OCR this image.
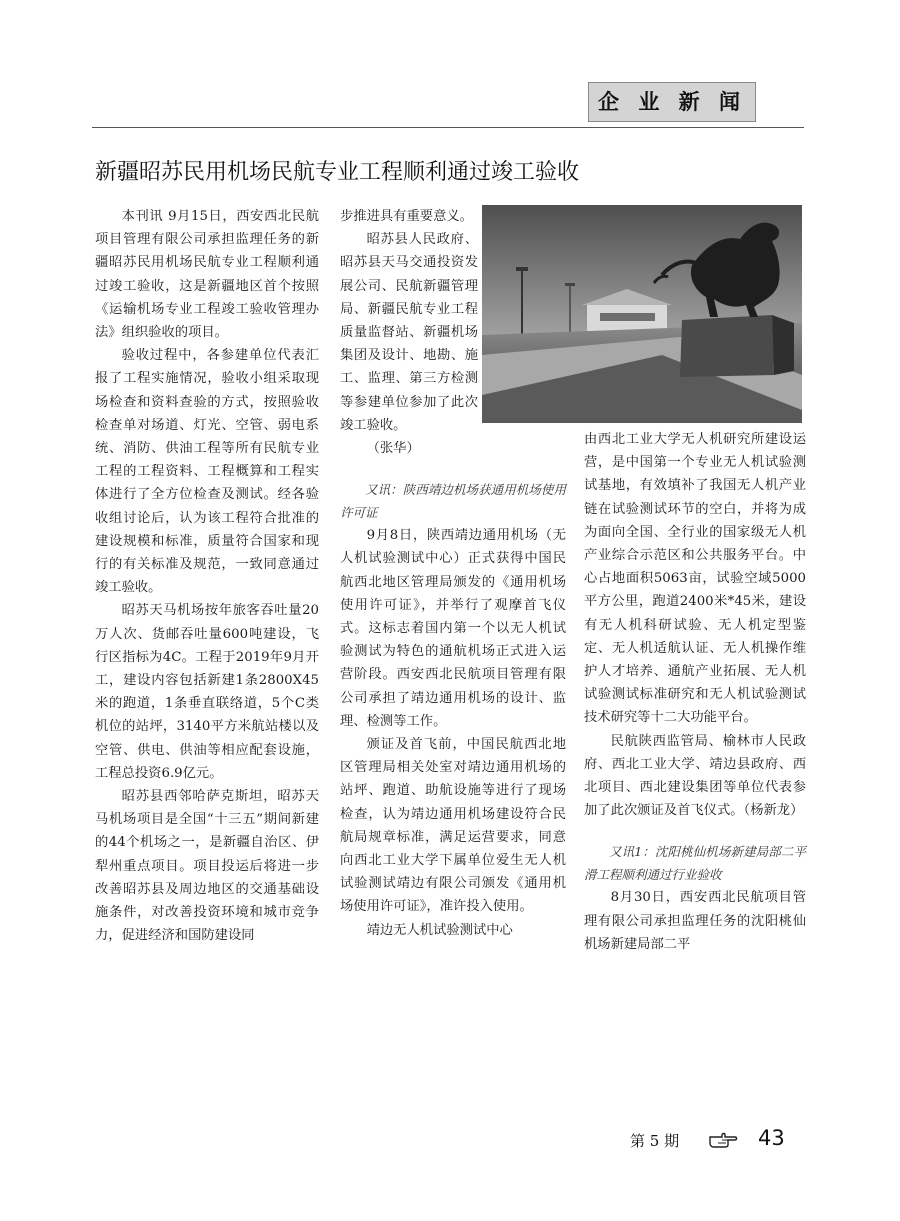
企 业 新 闻
新疆昭苏民用机场民航专业工程顺利通过竣工验收

本刊讯 9月15日，西安西北民航项目管理有限公司承担监理任务的新疆昭苏民用机场民航专业工程顺利通过竣工验收，这是新疆地区首个按照《运输机场专业工程竣工验收管理办法》组织验收的项目。

验收过程中，各参建单位代表汇报了工程实施情况，验收小组采取现场检查和资料查验的方式，按照验收检查单对场道、灯光、空管、弱电系统、消防、供油工程等所有民航专业工程的工程资料、工程概算和工程实体进行了全方位检查及测试。经各验收组讨论后，认为该工程符合批准的建设规模和标准，质量符合国家和现行的有关标准及规范，一致同意通过竣工验收。

昭苏天马机场按年旅客吞吐量20万人次、货邮吞吐量600吨建设，飞行区指标为4C。工程于2019年9月开工，建设内容包括新建1条2800X45米的跑道，1条垂直联络道，5个C类机位的站坪，3140平方米航站楼以及空管、供电、供油等相应配套设施，工程总投资6.9亿元。

昭苏县西邻哈萨克斯坦，昭苏天马机场项目是全国“十三五”期间新建的44个机场之一，是新疆自治区、伊犁州重点项目。项目投运后将进一步改善昭苏县及周边地区的交通基础设施条件，对改善投资环境和城市竞争力，促进经济和国防建设同

步推进具有重要意义。

昭苏县人民政府、昭苏县天马交通投资发展公司、民航新疆管理局、新疆民航专业工程质量监督站、新疆机场集团及设计、地勘、施工、监理、第三方检测等参建单位参加了此次竣工验收。

（张华）

又讯：陕西靖边机场获通用机场使用许可证

9月8日，陕西靖边通用机场（无人机试验测试中心）正式获得中国民航西北地区管理局颁发的《通用机场使用许可证》，并举行了观摩首飞仪式。这标志着国内第一个以无人机试验测试为特色的通航机场正式进入运营阶段。西安西北民航项目管理有限公司承担了靖边通用机场的设计、监理、检测等工作。

颁证及首飞前，中国民航西北地区管理局相关处室对靖边通用机场的站坪、跑道、助航设施等进行了现场检查，认为靖边通用机场建设符合民航局规章标准，满足运营要求，同意向西北工业大学下属单位爱生无人机试验测试靖边有限公司颁发《通用机场使用许可证》，准许投入使用。

靖边无人机试验测试中心

由西北工业大学无人机研究所建设运营，是中国第一个专业无人机试验测试基地，有效填补了我国无人机产业链在试验测试环节的空白，并将为成为面向全国、全行业的国家级无人机产业综合示范区和公共服务平台。中心占地面积5063亩，试验空域5000平方公里，跑道2400米*45米，建设有无人机科研试验、无人机定型鉴定、无人机适航认证、无人机操作维护人才培养、通航产业拓展、无人机试验测试标准研究和无人机试验测试技术研究等十二大功能平台。

民航陕西监管局、榆林市人民政府、西北工业大学、靖边县政府、西北项目、西北建设集团等单位代表参加了此次颁证及首飞仪式。（杨新龙）

又讯1：沈阳桃仙机场新建局部二平滑工程顺利通过行业验收

8月30日，西安西北民航项目管理有限公司承担监理任务的沈阳桃仙机场新建局部二平

第 5 期	43
